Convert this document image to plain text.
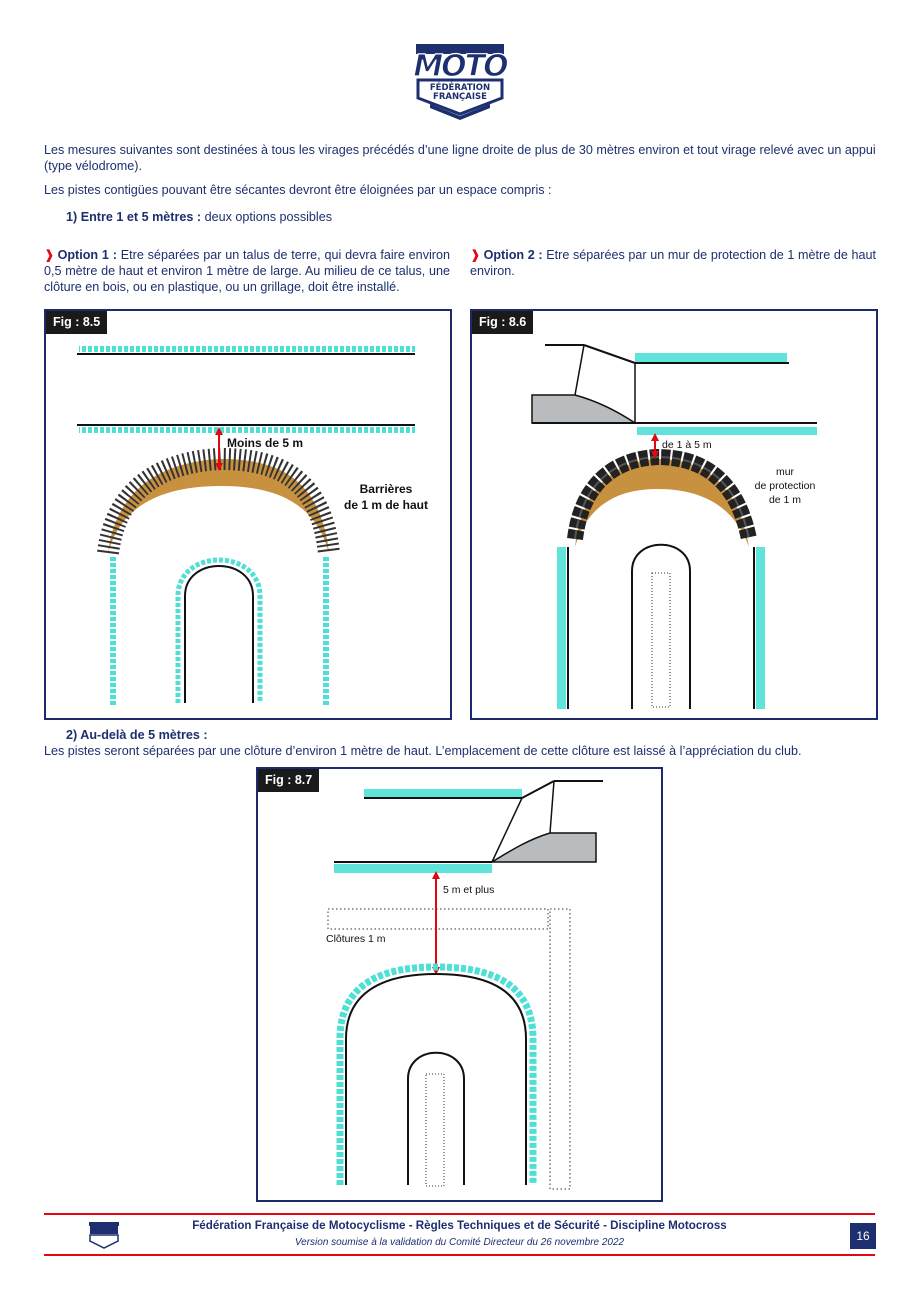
MOTO
FÉDÉRATION
FRANÇAISE
Les mesures suivantes sont destinées à tous les virages précédés d’une ligne droite de plus de 30 mètres environ et tout virage relevé avec un appui (type vélodrome).
Les pistes contigües pouvant être sécantes devront être éloignées par un espace compris :
1) Entre 1 et 5 mètres : deux options possibles
❱ Option 1 : Etre séparées par un talus de terre, qui devra faire environ 0,5 mètre de haut et environ 1 mètre de large. Au milieu de ce talus, une clôture en bois, ou en plastique, ou un grillage, doit être installé.
❱ Option 2 : Etre séparées par un mur de protection de 1 mètre de haut environ.
Moins de 5 m
Barrières
de 1 m de haut
Fig : 8.5
de 1 à 5 m
mur
de protection
de 1 m
Fig : 8.6
2) Au-delà de 5 mètres :
Les pistes seront séparées par une clôture d’environ 1 mètre de haut. L’emplacement de cette clôture est laissé à l’appréciation du club.
Clôtures 1 m
5 m et plus
Fig : 8.7
Fédération Française de Motocyclisme - Règles Techniques et de Sécurité - Discipline Motocross
Version soumise à la validation du Comité Directeur du 26 novembre 2022	16
